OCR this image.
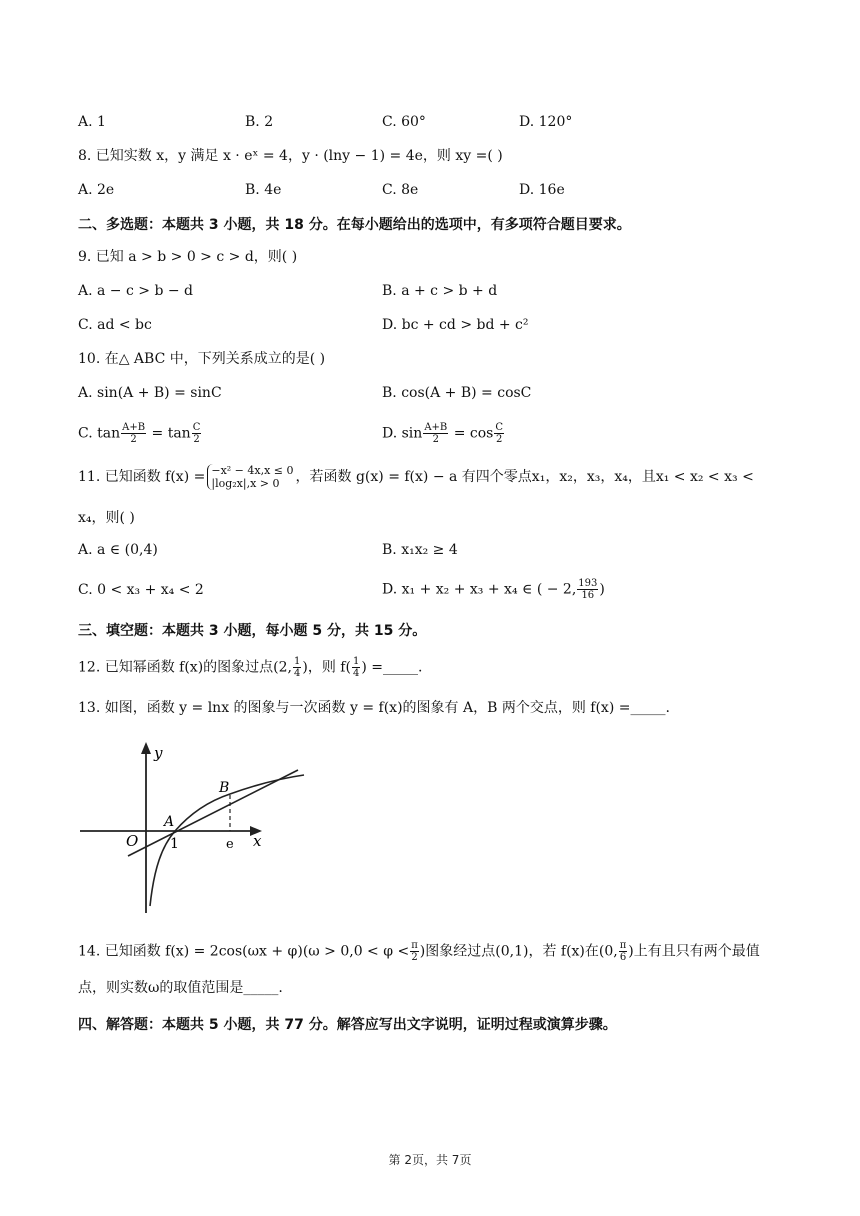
A. 1	B. 2	C. 60°	D. 120°
8. 已知实数 x，y 满足 x · eˣ = 4，y · (lny − 1) = 4e，则 xy =( )
A. 2e	B. 4e	C. 8e	D. 16e
二、多选题：本题共 3 小题，共 18 分。在每小题给出的选项中，有多项符合题目要求。
9. 已知 a > b > 0 > c > d，则( )
A. a − c > b − d	B. a + c > b + d
C. ad < bc	D. bc + cd > bd + c²
10. 在△ ABC 中，下列关系成立的是( )
A. sin(A + B) = sinC	B. cos(A + B) = cosC
C. $\tan \frac{A+B}{2} = \tan \frac{C}{2}$	D. $\sin \frac{A+B}{2} = \cos \frac{C}{2}$
11. 已知函数 f(x) = −x² − 4x,x ≤ 0
|log₂x|,x > 0	，若函数 g(x) = f(x) − a 有四个零点x₁，x₂，x₃，x₄，且x₁ < x₂ < x₃ <
x₄，则( )
A. a ∈ (0,4)	B. x₁x₂ ≥ 4
C. 0 < x₃ + x₄ < 2	D. x₁ + x₂ + x₃ + x₄ ∈ ( − 2, $\frac{193}{16}$ )
三、填空题：本题共 3 小题，每小题 5 分，共 15 分。
12. 已知幂函数 f(x)的图象过点(2, $\frac{1}{4}$ )，则 $f( \frac{1}{4}$ ) =_____.
13. 如图，函数 y = lnx 的图象与一次函数 y = f(x)的图象有 A，B 两个交点，则 f(x) =_____.
y
x
O
A
B
1	e
14. 已知函数 $f(x) = 2\cos(\omega x + \varphi)(\omega > 0,0 < \varphi < \frac{\pi}{2}$ )图象经过点(0,1)，若 f(x)在(0, $\frac{\pi}{6}$ )上有且只有两个最值
点，则实数ω的取值范围是_____.
四、解答题：本题共 5 小题，共 77 分。解答应写出文字说明，证明过程或演算步骤。
第 2页，共 7页
